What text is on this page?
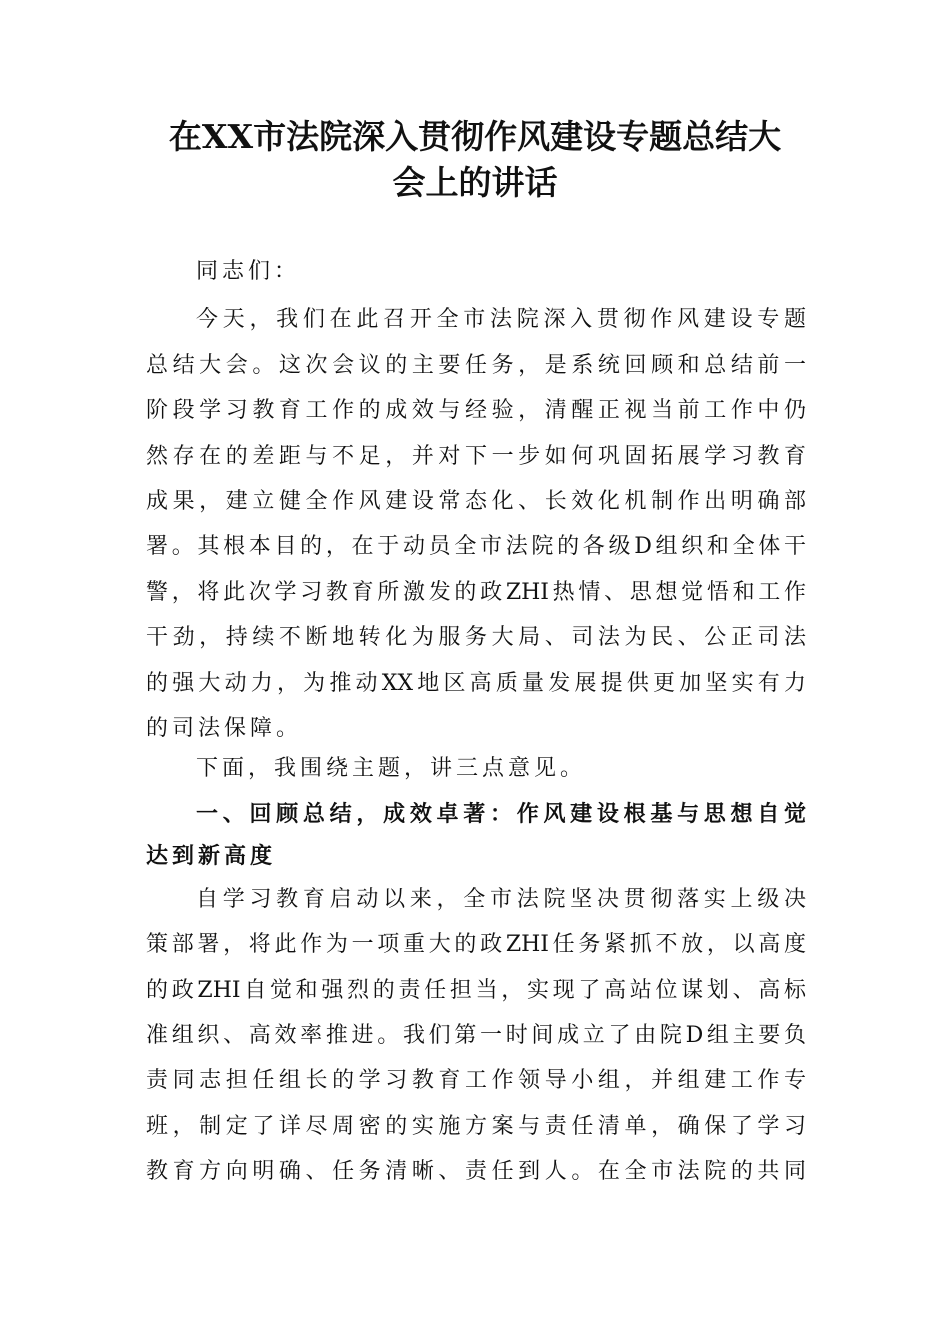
在XX市法院深入贯彻作风建设专题总结大
会上的讲话
同志们：
今天，我们在此召开全市法院深入贯彻作风建设专题
总结大会。这次会议的主要任务，是系统回顾和总结前一
阶段学习教育工作的成效与经验，清醒正视当前工作中仍
然存在的差距与不足，并对下一步如何巩固拓展学习教育
成果，建立健全作风建设常态化、长效化机制作出明确部
署。其根本目的，在于动员全市法院的各级D组织和全体干
警，将此次学习教育所激发的政ZHI热情、思想觉悟和工作
干劲，持续不断地转化为服务大局、司法为民、公正司法
的强大动力，为推动XX地区高质量发展提供更加坚实有力
的司法保障。
下面，我围绕主题，讲三点意见。
一、回顾总结，成效卓著：作风建设根基与思想自觉
达到新高度
自学习教育启动以来，全市法院坚决贯彻落实上级决
策部署，将此作为一项重大的政ZHI任务紧抓不放，以高度
的政ZHI自觉和强烈的责任担当，实现了高站位谋划、高标
准组织、高效率推进。我们第一时间成立了由院D组主要负
责同志担任组长的学习教育工作领导小组，并组建工作专
班，制定了详尽周密的实施方案与责任清单，确保了学习
教育方向明确、任务清晰、责任到人。在全市法院的共同
